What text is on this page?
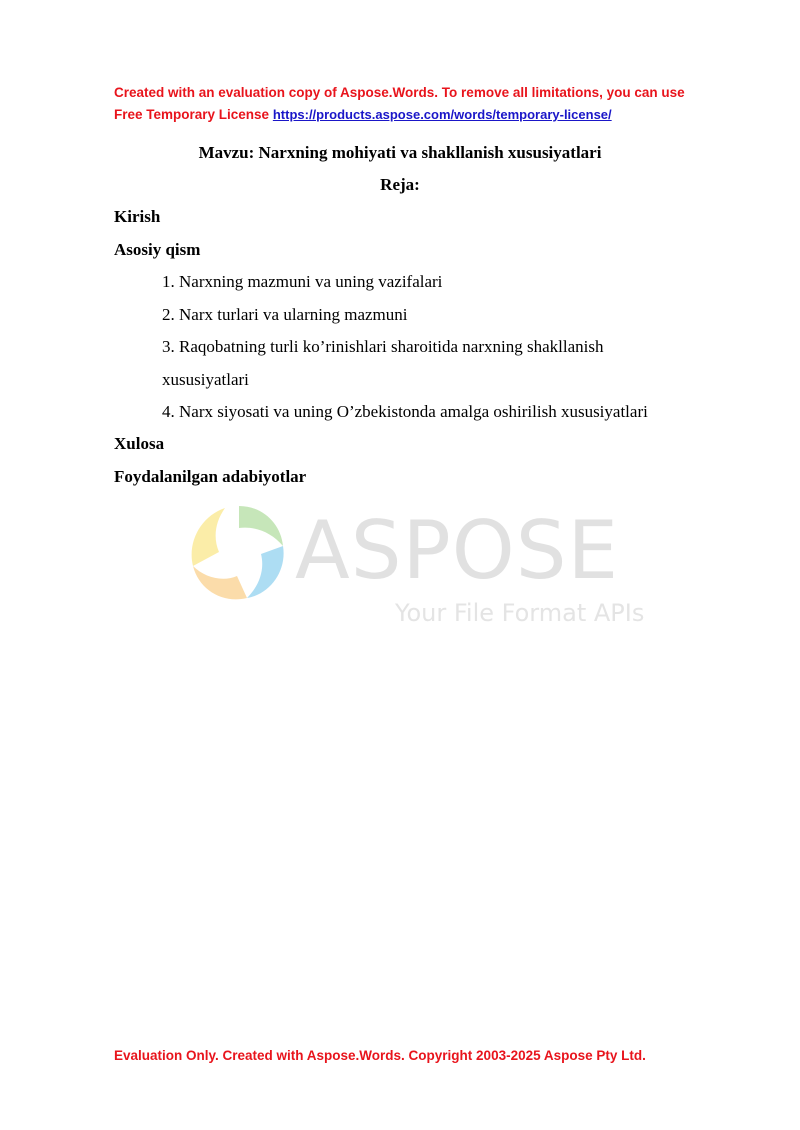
Created with an evaluation copy of Aspose.Words. To remove all limitations, you can use
Free Temporary License https://products.aspose.com/words/temporary-license/
Mavzu: Narxning mohiyati va shakllanish xususiyatlari
Reja:
Kirish
Asosiy qism
1. Narxning mazmuni va uning vazifalari
2. Narx turlari va ularning mazmuni
3. Raqobatning turli ko’rinishlari sharoitida narxning shakllanish
xususiyatlari
4. Narx siyosati va uning O’zbekistonda amalga oshirilish xususiyatlari
Xulosa
Foydalanilgan adabiyotlar
ASPOSE
Your File Format APIs
Evaluation Only. Created with Aspose.Words. Copyright 2003-2025 Aspose Pty Ltd.
